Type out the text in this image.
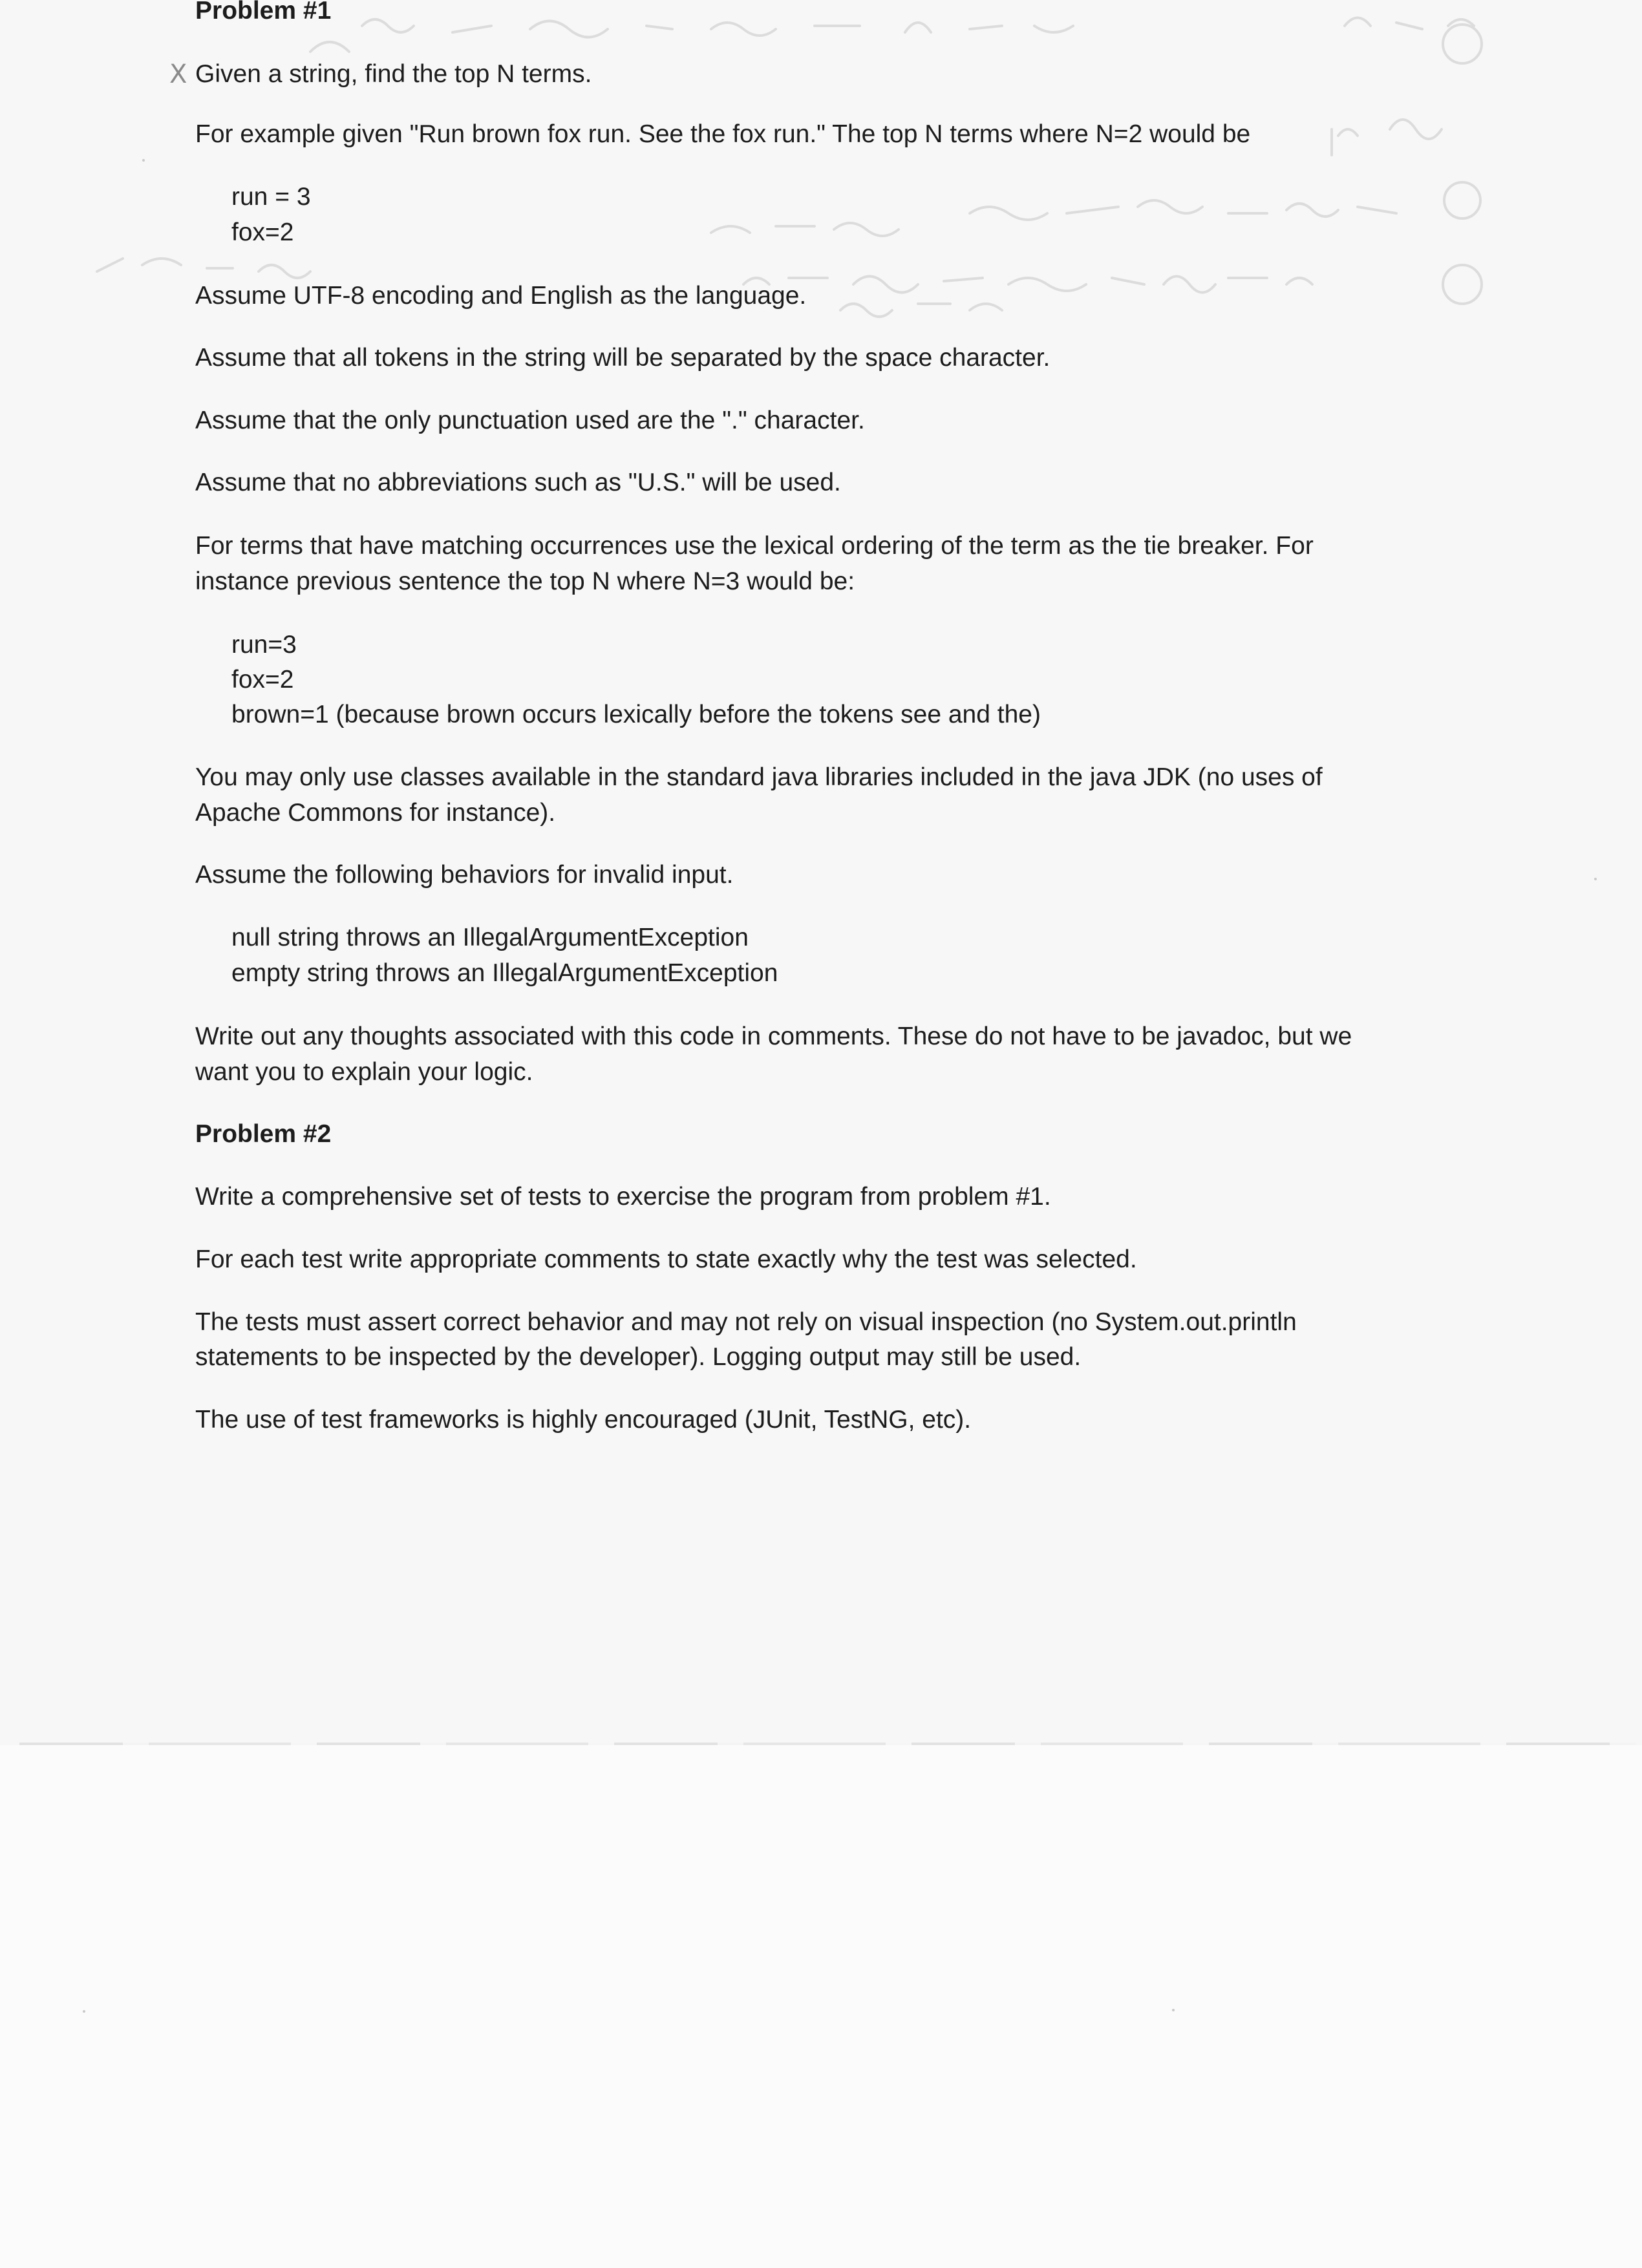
X
Problem #1
Given a string, find the top N terms.
For example given "Run brown fox run. See the fox run." The top N terms where N=2 would be
run = 3
fox=2
Assume UTF-8 encoding and English as the language.
Assume that all tokens in the string will be separated by the space character.
Assume that the only punctuation used are the "." character.
Assume that no abbreviations such as "U.S." will be used.
For terms that have matching occurrences use the lexical ordering of the term as the tie breaker. For
instance previous sentence the top N where N=3 would be:
run=3
fox=2
brown=1 (because brown occurs lexically before the tokens see and the)
You may only use classes available in the standard java libraries included in the java JDK (no uses of
Apache Commons for instance).
Assume the following behaviors for invalid input.
null string throws an IllegalArgumentException
empty string throws an IllegalArgumentException
Write out any thoughts associated with this code in comments. These do not have to be javadoc, but we
want you to explain your logic.
Problem #2
Write a comprehensive set of tests to exercise the program from problem #1.
For each test write appropriate comments to state exactly why the test was selected.
The tests must assert correct behavior and may not rely on visual inspection (no System.out.println
statements to be inspected by the developer). Logging output may still be used.
The use of test frameworks is highly encouraged (JUnit, TestNG, etc).
